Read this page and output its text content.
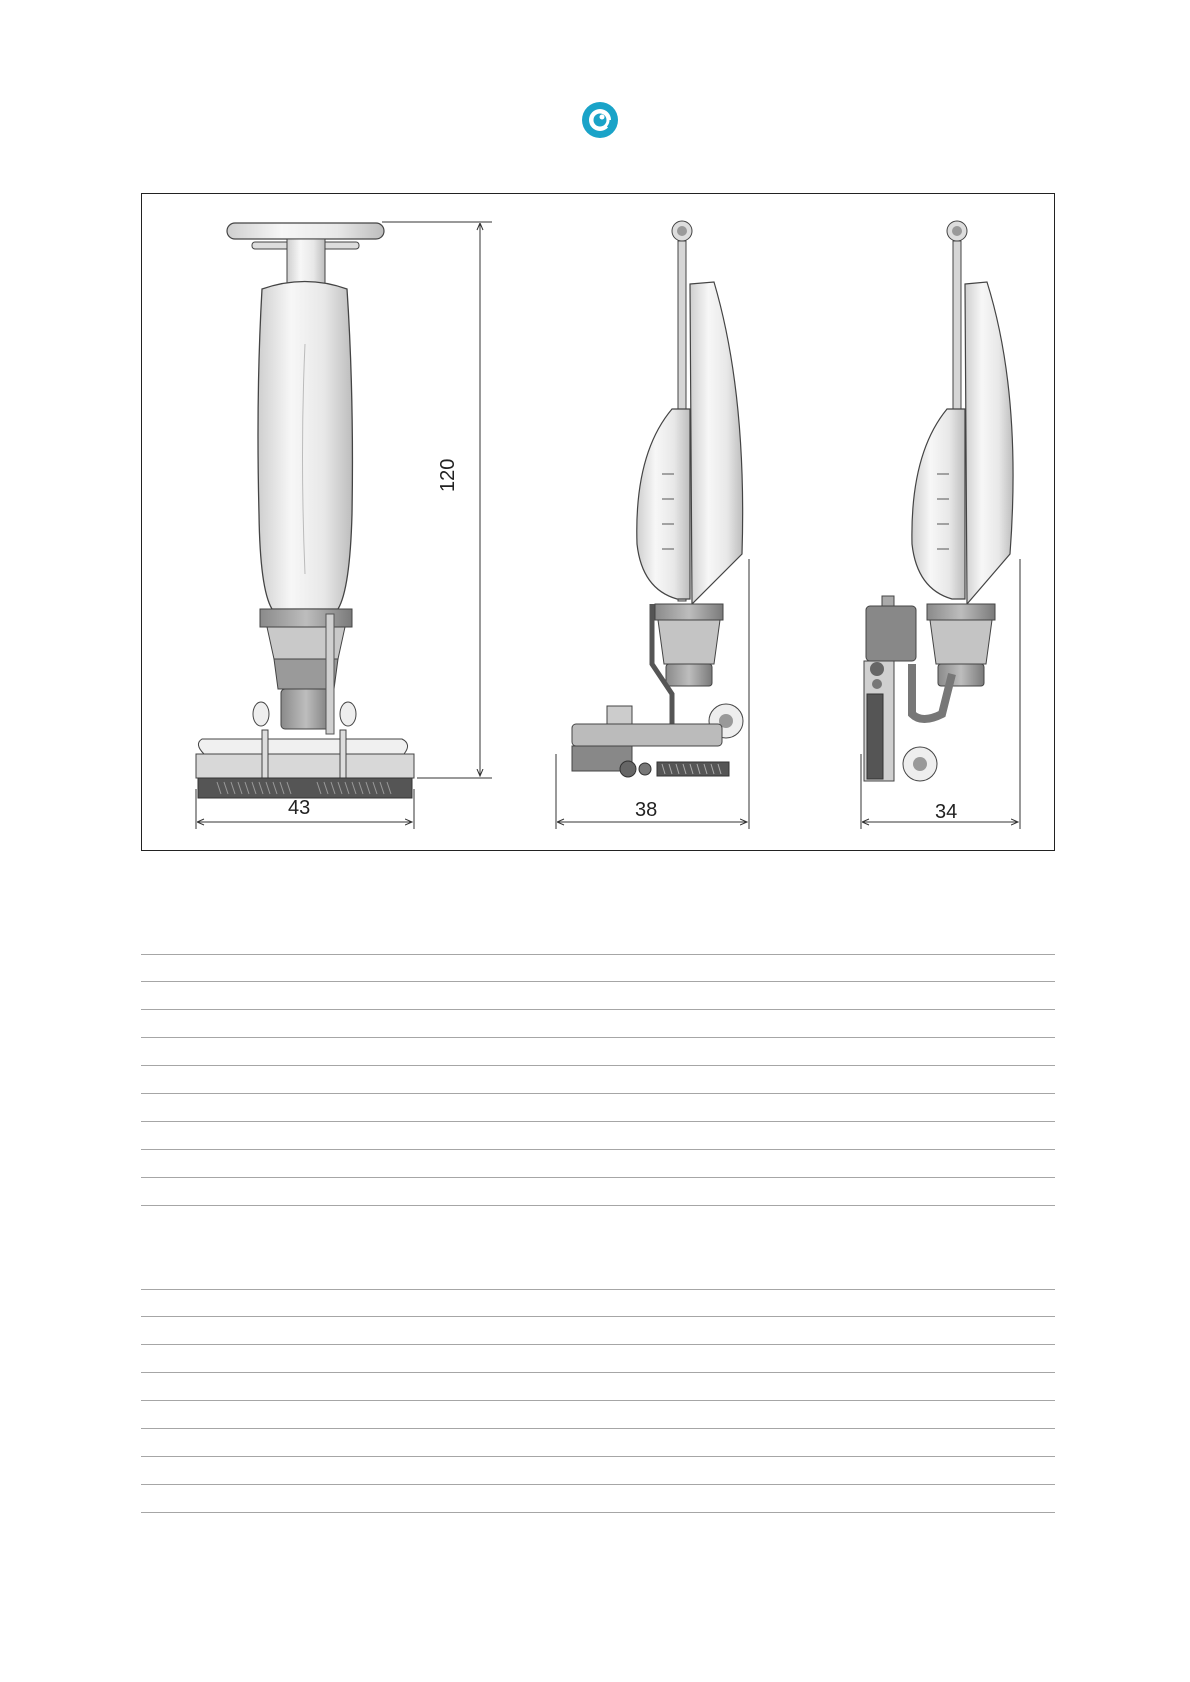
43	38	34
120
